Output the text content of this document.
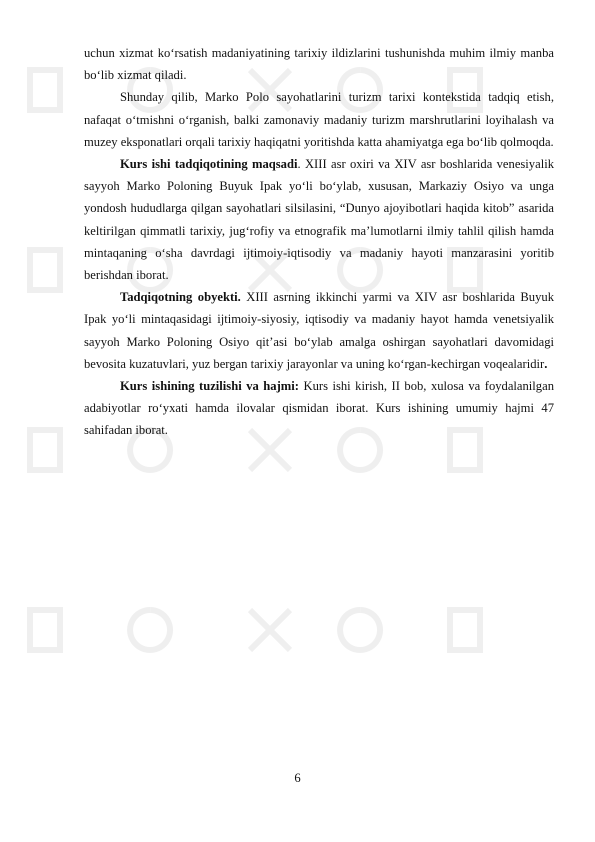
uchun xizmat ko‘rsatish madaniyatining tarixiy ildizlarini tushunishda muhim ilmiy manba bo‘lib xizmat qiladi.

Shunday qilib, Marko Polo sayohatlarini turizm tarixi kontekstida tadqiq etish, nafaqat o‘tmishni o‘rganish, balki zamonaviy madaniy turizm marshrutlarini loyihalash va muzey eksponatlari orqali tarixiy haqiqatni yoritishda katta ahamiyatga ega bo‘lib qolmoqda.

Kurs ishi tadqiqotining maqsadi. XIII asr oxiri va XIV asr boshlarida venesiyalik sayyoh Marko Poloning Buyuk Ipak yo‘li bo‘ylab, xususan, Markaziy Osiyo va unga yondosh hududlarga qilgan sayohatlari silsilasini, “Dunyo ajoyibotlari haqida kitob” asarida keltirilgan qimmatli tarixiy, jug‘rofiy va etnografik ma’lumotlarni ilmiy tahlil qilish hamda mintaqaning o‘sha davrdagi ijtimoiy-iqtisodiy va madaniy hayoti manzarasini yoritib berishdan iborat.

Tadqiqotning obyekti. XIII asrning ikkinchi yarmi va XIV asr boshlarida Buyuk Ipak yo‘li mintaqasidagi ijtimoiy-siyosiy, iqtisodiy va madaniy hayot hamda venetsiyalik sayyoh Marko Poloning Osiyo qit’asi bo‘ylab amalga oshirgan sayohatlari davomidagi bevosita kuzatuvlari, yuz bergan tarixiy jarayonlar va uning ko‘rgan-kechirgan voqealaridir.

Kurs ishining tuzilishi va hajmi: Kurs ishi kirish, II bob, xulosa va foydalanilgan adabiyotlar ro‘yxati hamda ilovalar qismidan iborat. Kurs ishining umumiy hajmi 47 sahifadan iborat.

6
